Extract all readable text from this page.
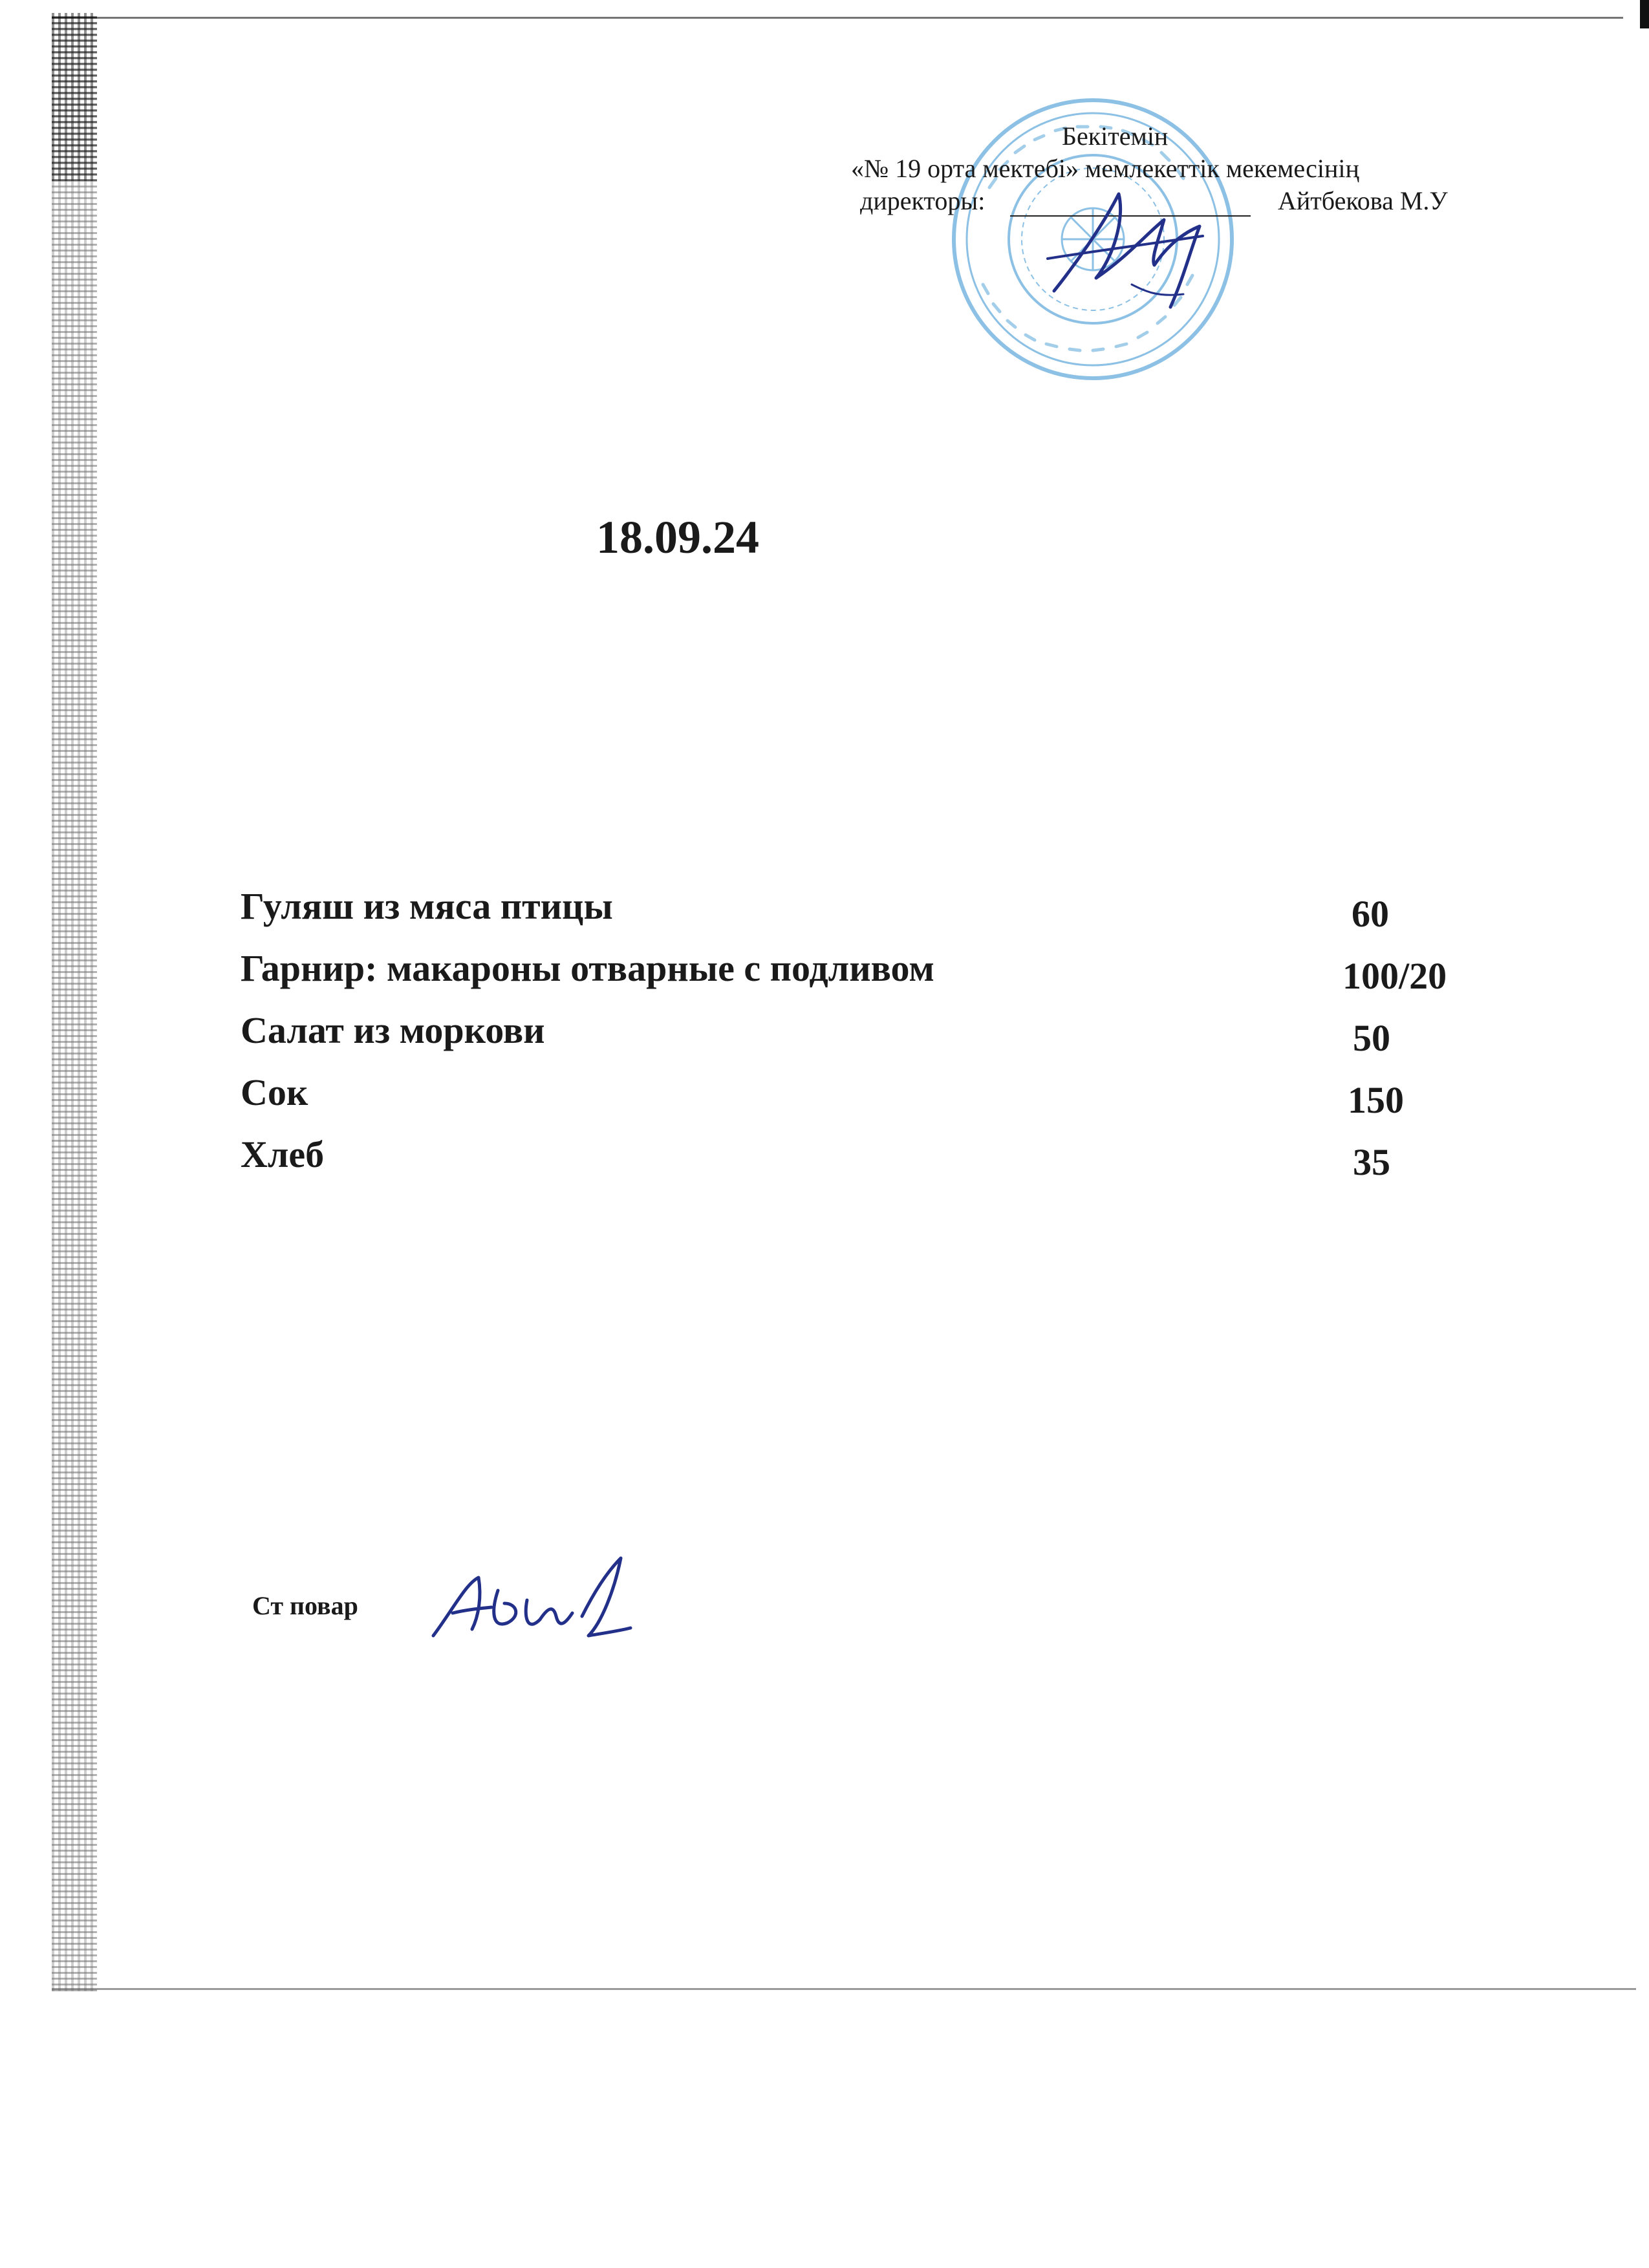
Бекітемін
«№ 19 орта мектебі» мемлекеттік мекемесінің
директоры:	Айтбекова М.У
18.09.24
Гуляш из мяса птицы	60
Гарнир: макароны отварные с подливом	100/20
Салат из моркови	50
Сок	150
Хлеб	35
Ст повар
